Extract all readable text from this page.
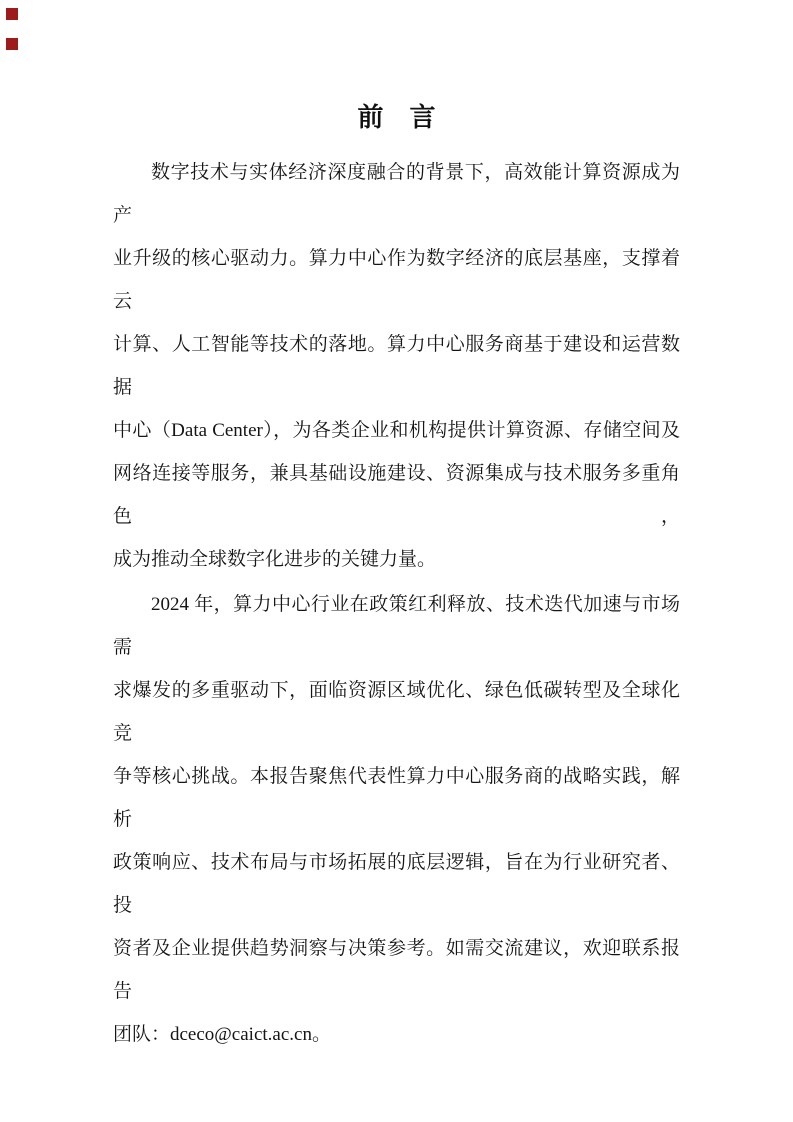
前　言
数字技术与实体经济深度融合的背景下，高效能计算资源成为产
业升级的核心驱动力。算力中心作为数字经济的底层基座，支撑着云
计算、人工智能等技术的落地。算力中心服务商基于建设和运营数据
中心（Data Center），为各类企业和机构提供计算资源、存储空间及
网络连接等服务，兼具基础设施建设、资源集成与技术服务多重角色，
成为推动全球数字化进步的关键力量。
2024 年，算力中心行业在政策红利释放、技术迭代加速与市场需
求爆发的多重驱动下，面临资源区域优化、绿色低碳转型及全球化竞
争等核心挑战。本报告聚焦代表性算力中心服务商的战略实践，解析
政策响应、技术布局与市场拓展的底层逻辑，旨在为行业研究者、投
资者及企业提供趋势洞察与决策参考。如需交流建议，欢迎联系报告
团队：dceco@caict.ac.cn。
